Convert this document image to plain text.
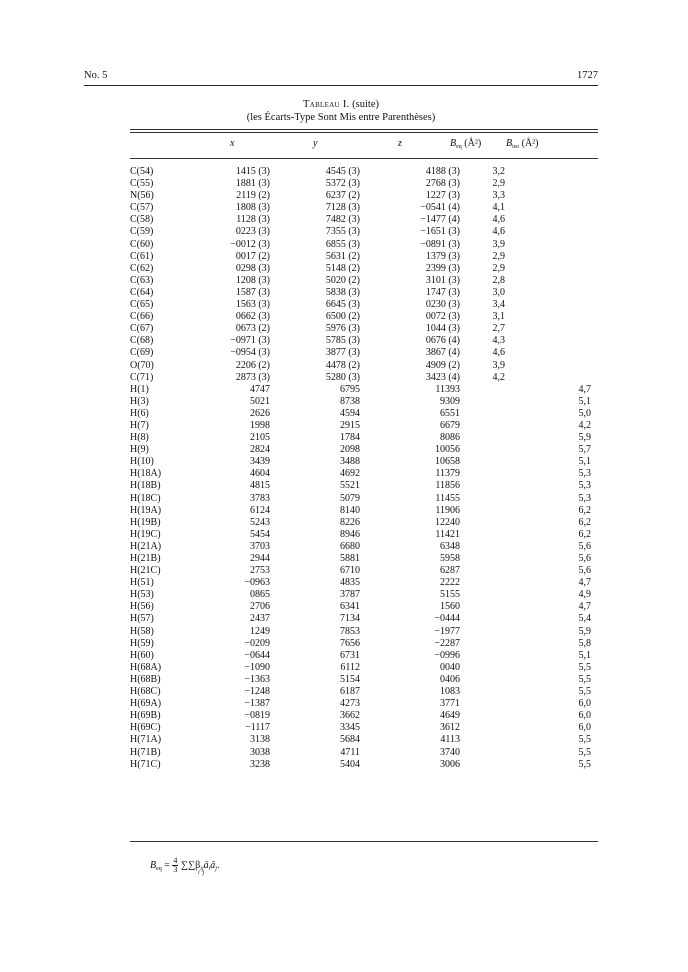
No. 5	1727
Tableau I. (suite)
(les Écarts-Type Sont Mis entre Parenthèses)
x	y	z	$B_{eq}$ (Å²) $B_{iso}$ (Å²)
C(54)	1415 (3)	4545 (3)	4188 (3)	3,2	
C(55)	1881 (3)	5372 (3)	2768 (3)	2,9	
N(56)	2119 (2)	6237 (2)	1227 (3)	3,3	
C(57)	1808 (3)	7128 (3)	−0541 (4)	4,1	
C(58)	1128 (3)	7482 (3)	−1477 (4)	4,6	
C(59)	0223 (3)	7355 (3)	−1651 (3)	4,6	
C(60)	−0012 (3)	6855 (3)	−0891 (3)	3,9	
C(61)	0017 (2)	5631 (2)	1379 (3)	2,9	
C(62)	0298 (3)	5148 (2)	2399 (3)	2,9	
C(63)	1208 (3)	5020 (2)	3101 (3)	2,8	
C(64)	1587 (3)	5838 (3)	1747 (3)	3,0	
C(65)	1563 (3)	6645 (3)	0230 (3)	3,4	
C(66)	0662 (3)	6500 (2)	0072 (3)	3,1	
C(67)	0673 (2)	5976 (3)	1044 (3)	2,7	
C(68)	−0971 (3)	5785 (3)	0676 (4)	4,3	
C(69)	−0954 (3)	3877 (3)	3867 (4)	4,6	
O(70)	2206 (2)	4478 (2)	4909 (2)	3,9	
C(71)	2873 (3)	5280 (3)	3423 (4)	4,2	
H(1)	4747	6795	11393		4,7
H(3)	5021	8738	9309		5,1
H(6)	2626	4594	6551		5,0
H(7)	1998	2915	6679		4,2
H(8)	2105	1784	8086		5,9
H(9)	2824	2098	10056		5,7
H(10)	3439	3488	10658		5,1
H(18A)	4604	4692	11379		5,3
H(18B)	4815	5521	11856		5,3
H(18C)	3783	5079	11455		5,3
H(19A)	6124	8140	11906		6,2
H(19B)	5243	8226	12240		6,2
H(19C)	5454	8946	11421		6,2
H(21A)	3703	6680	6348		5,6
H(21B)	2944	5881	5958		5,6
H(21C)	2753	6710	6287		5,6
H(51)	−0963	4835	2222		4,7
H(53)	0865	3787	5155		4,9
H(56)	2706	6341	1560		4,7
H(57)	2437	7134	−0444		5,4
H(58)	1249	7853	−1977		5,9
H(59)	−0209	7656	−2287		5,8
H(60)	−0644	6731	−0996		5,1
H(68A)	−1090	6112	0040		5,5
H(68B)	−1363	5154	0406		5,5
H(68C)	−1248	6187	1083		5,5
H(69A)	−1387	4273	3771		6,0
H(69B)	−0819	3662	4649		6,0
H(69C)	−1117	3345	3612		6,0
H(71A)	3138	5684	4113		5,5
H(71B)	3038	4711	3740		5,5
H(71C)	3238	5404	3006		5,5
$B_{eq} = \frac{4}{3}$ $\sum\sum\beta_{ij}ā_iā_j$.
i j
